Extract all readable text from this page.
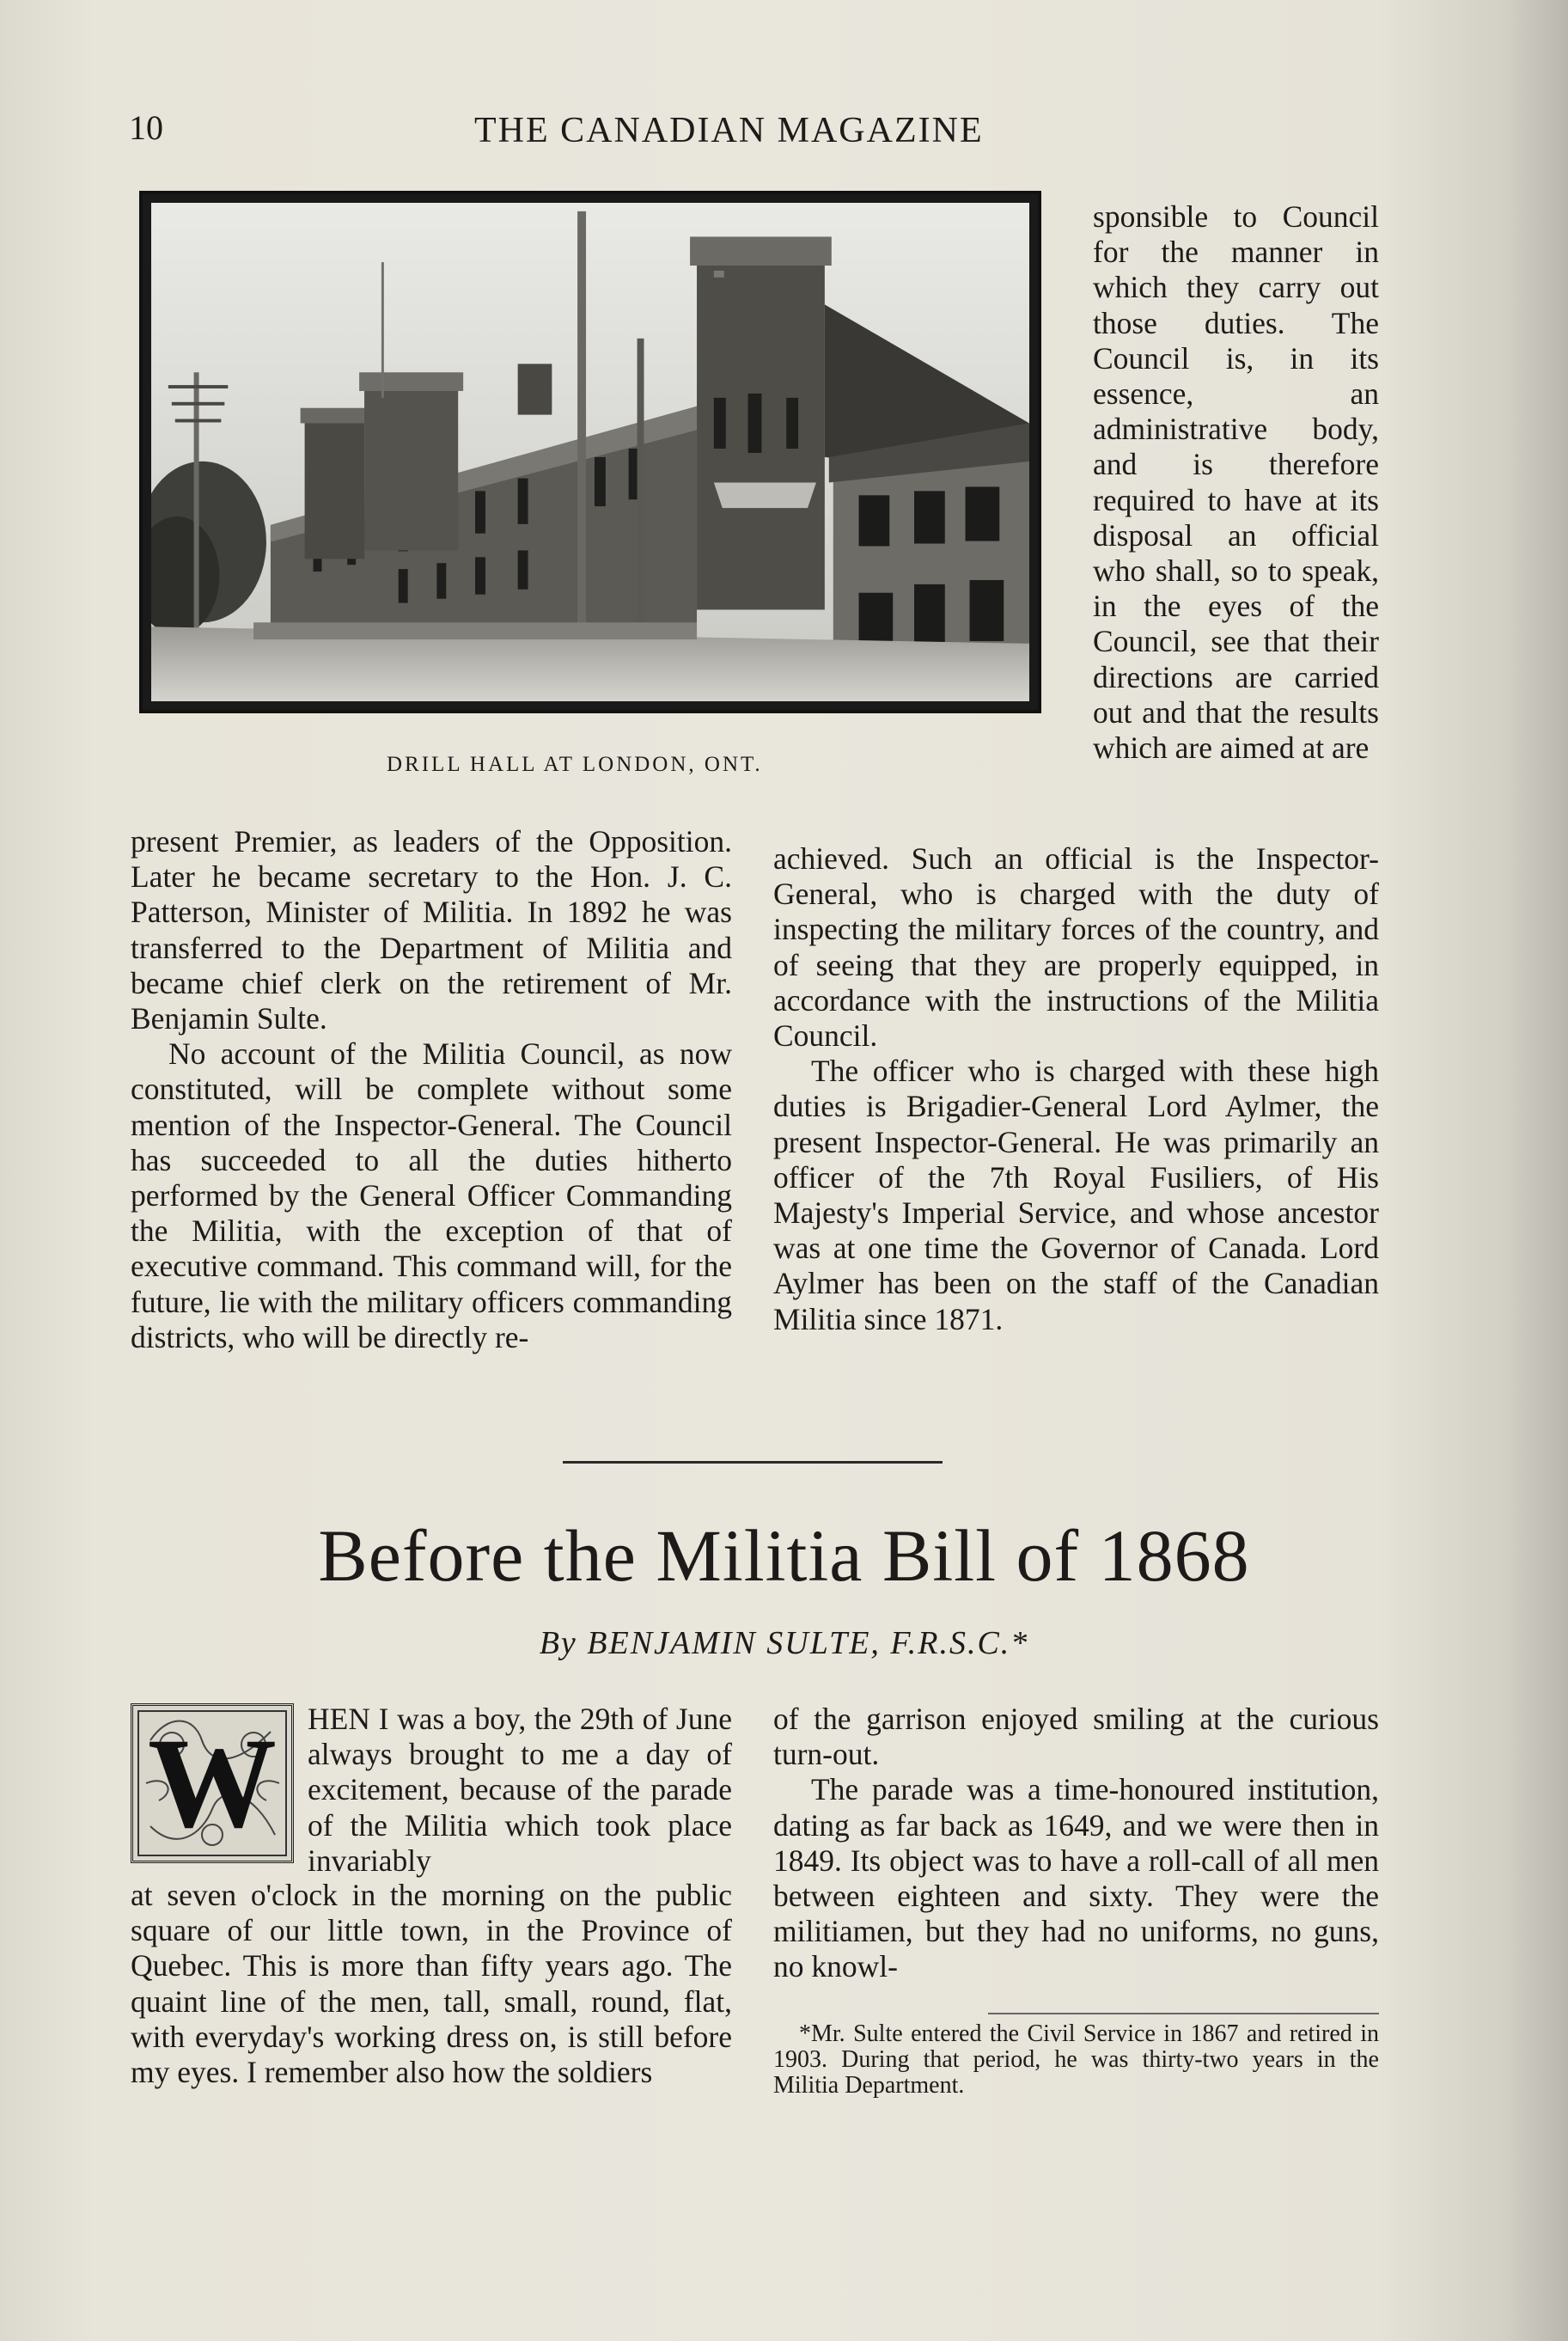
10	THE CANADIAN MAGAZINE
DRILL HALL AT LONDON, ONT.

sponsible to Council for the manner in which they carry out those duties. The Council is, in its essence, an administrative body, and is therefore required to have at its disposal an official who shall, so to speak, in the eyes of the Council, see that their directions are carried out and that the results which are aimed at are

present Premier, as leaders of the Opposition. Later he became secretary to the Hon. J. C. Patterson, Minister of Militia. In 1892 he was transferred to the Department of Militia and became chief clerk on the retirement of Mr. Benjamin Sulte.

No account of the Militia Council, as now constituted, will be complete without some mention of the Inspector-General. The Council has succeeded to all the duties hitherto performed by the General Officer Commanding the Militia, with the exception of that of executive command. This command will, for the future, lie with the military officers commanding districts, who will be directly re-

achieved. Such an official is the Inspector-General, who is charged with the duty of inspecting the military forces of the country, and of seeing that they are properly equipped, in accordance with the instructions of the Militia Council.

The officer who is charged with these high duties is Brigadier-General Lord Aylmer, the present Inspector-General. He was primarily an officer of the 7th Royal Fusiliers, of His Majesty's Imperial Service, and whose ancestor was at one time the Governor of Canada. Lord Aylmer has been on the staff of the Canadian Militia since 1871.

Before the Militia Bill of 1868
By BENJAMIN SULTE, F.R.S.C.*
W	HEN I was a boy, the 29th of June always brought to me a day of excitement, because of the parade of the Militia which took place invariably

at seven o'clock in the morning on the public square of our little town, in the Province of Quebec. This is more than fifty years ago. The quaint line of the men, tall, small, round, flat, with everyday's working dress on, is still before my eyes. I remember also how the soldiers

of the garrison enjoyed smiling at the curious turn-out.

The parade was a time-honoured institution, dating as far back as 1649, and we were then in 1849. Its object was to have a roll-call of all men between eighteen and sixty. They were the militiamen, but they had no uniforms, no guns, no knowl-

*Mr. Sulte entered the Civil Service in 1867 and retired in 1903. During that period, he was thirty-two years in the Militia Department.
